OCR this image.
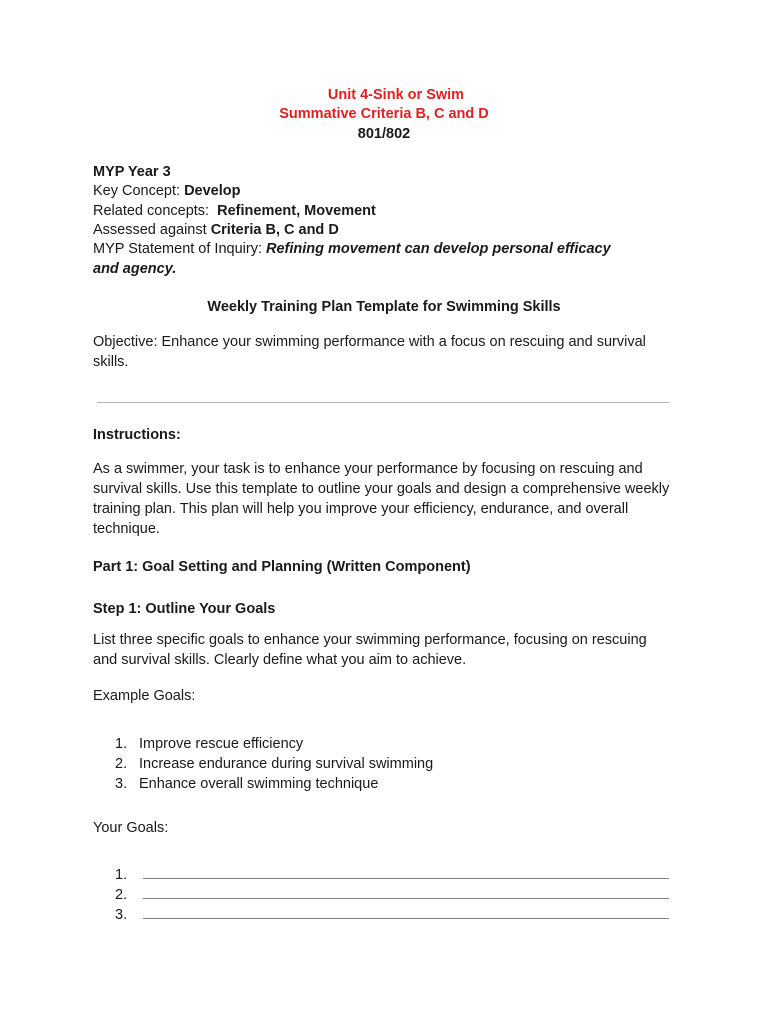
Unit 4-Sink or Swim
Summative Criteria B, C and D
801/802
MYP Year 3
Key Concept: Develop
Related concepts:  Refinement, Movement
Assessed against Criteria B, C and D
MYP Statement of Inquiry: Refining movement can develop personal efficacy
and agency.
Weekly Training Plan Template for Swimming Skills
Objective: Enhance your swimming performance with a focus on rescuing and survival skills.
Instructions:
As a swimmer, your task is to enhance your performance by focusing on rescuing and survival skills. Use this template to outline your goals and design a comprehensive weekly training plan. This plan will help you improve your efficiency, endurance, and overall technique.
Part 1: Goal Setting and Planning (Written Component)
Step 1: Outline Your Goals
List three specific goals to enhance your swimming performance, focusing on rescuing and survival skills. Clearly define what you aim to achieve.
Example Goals:
1. Improve rescue efficiency
2. Increase endurance during survival swimming
3. Enhance overall swimming technique
Your Goals:
1.
2.
3.
